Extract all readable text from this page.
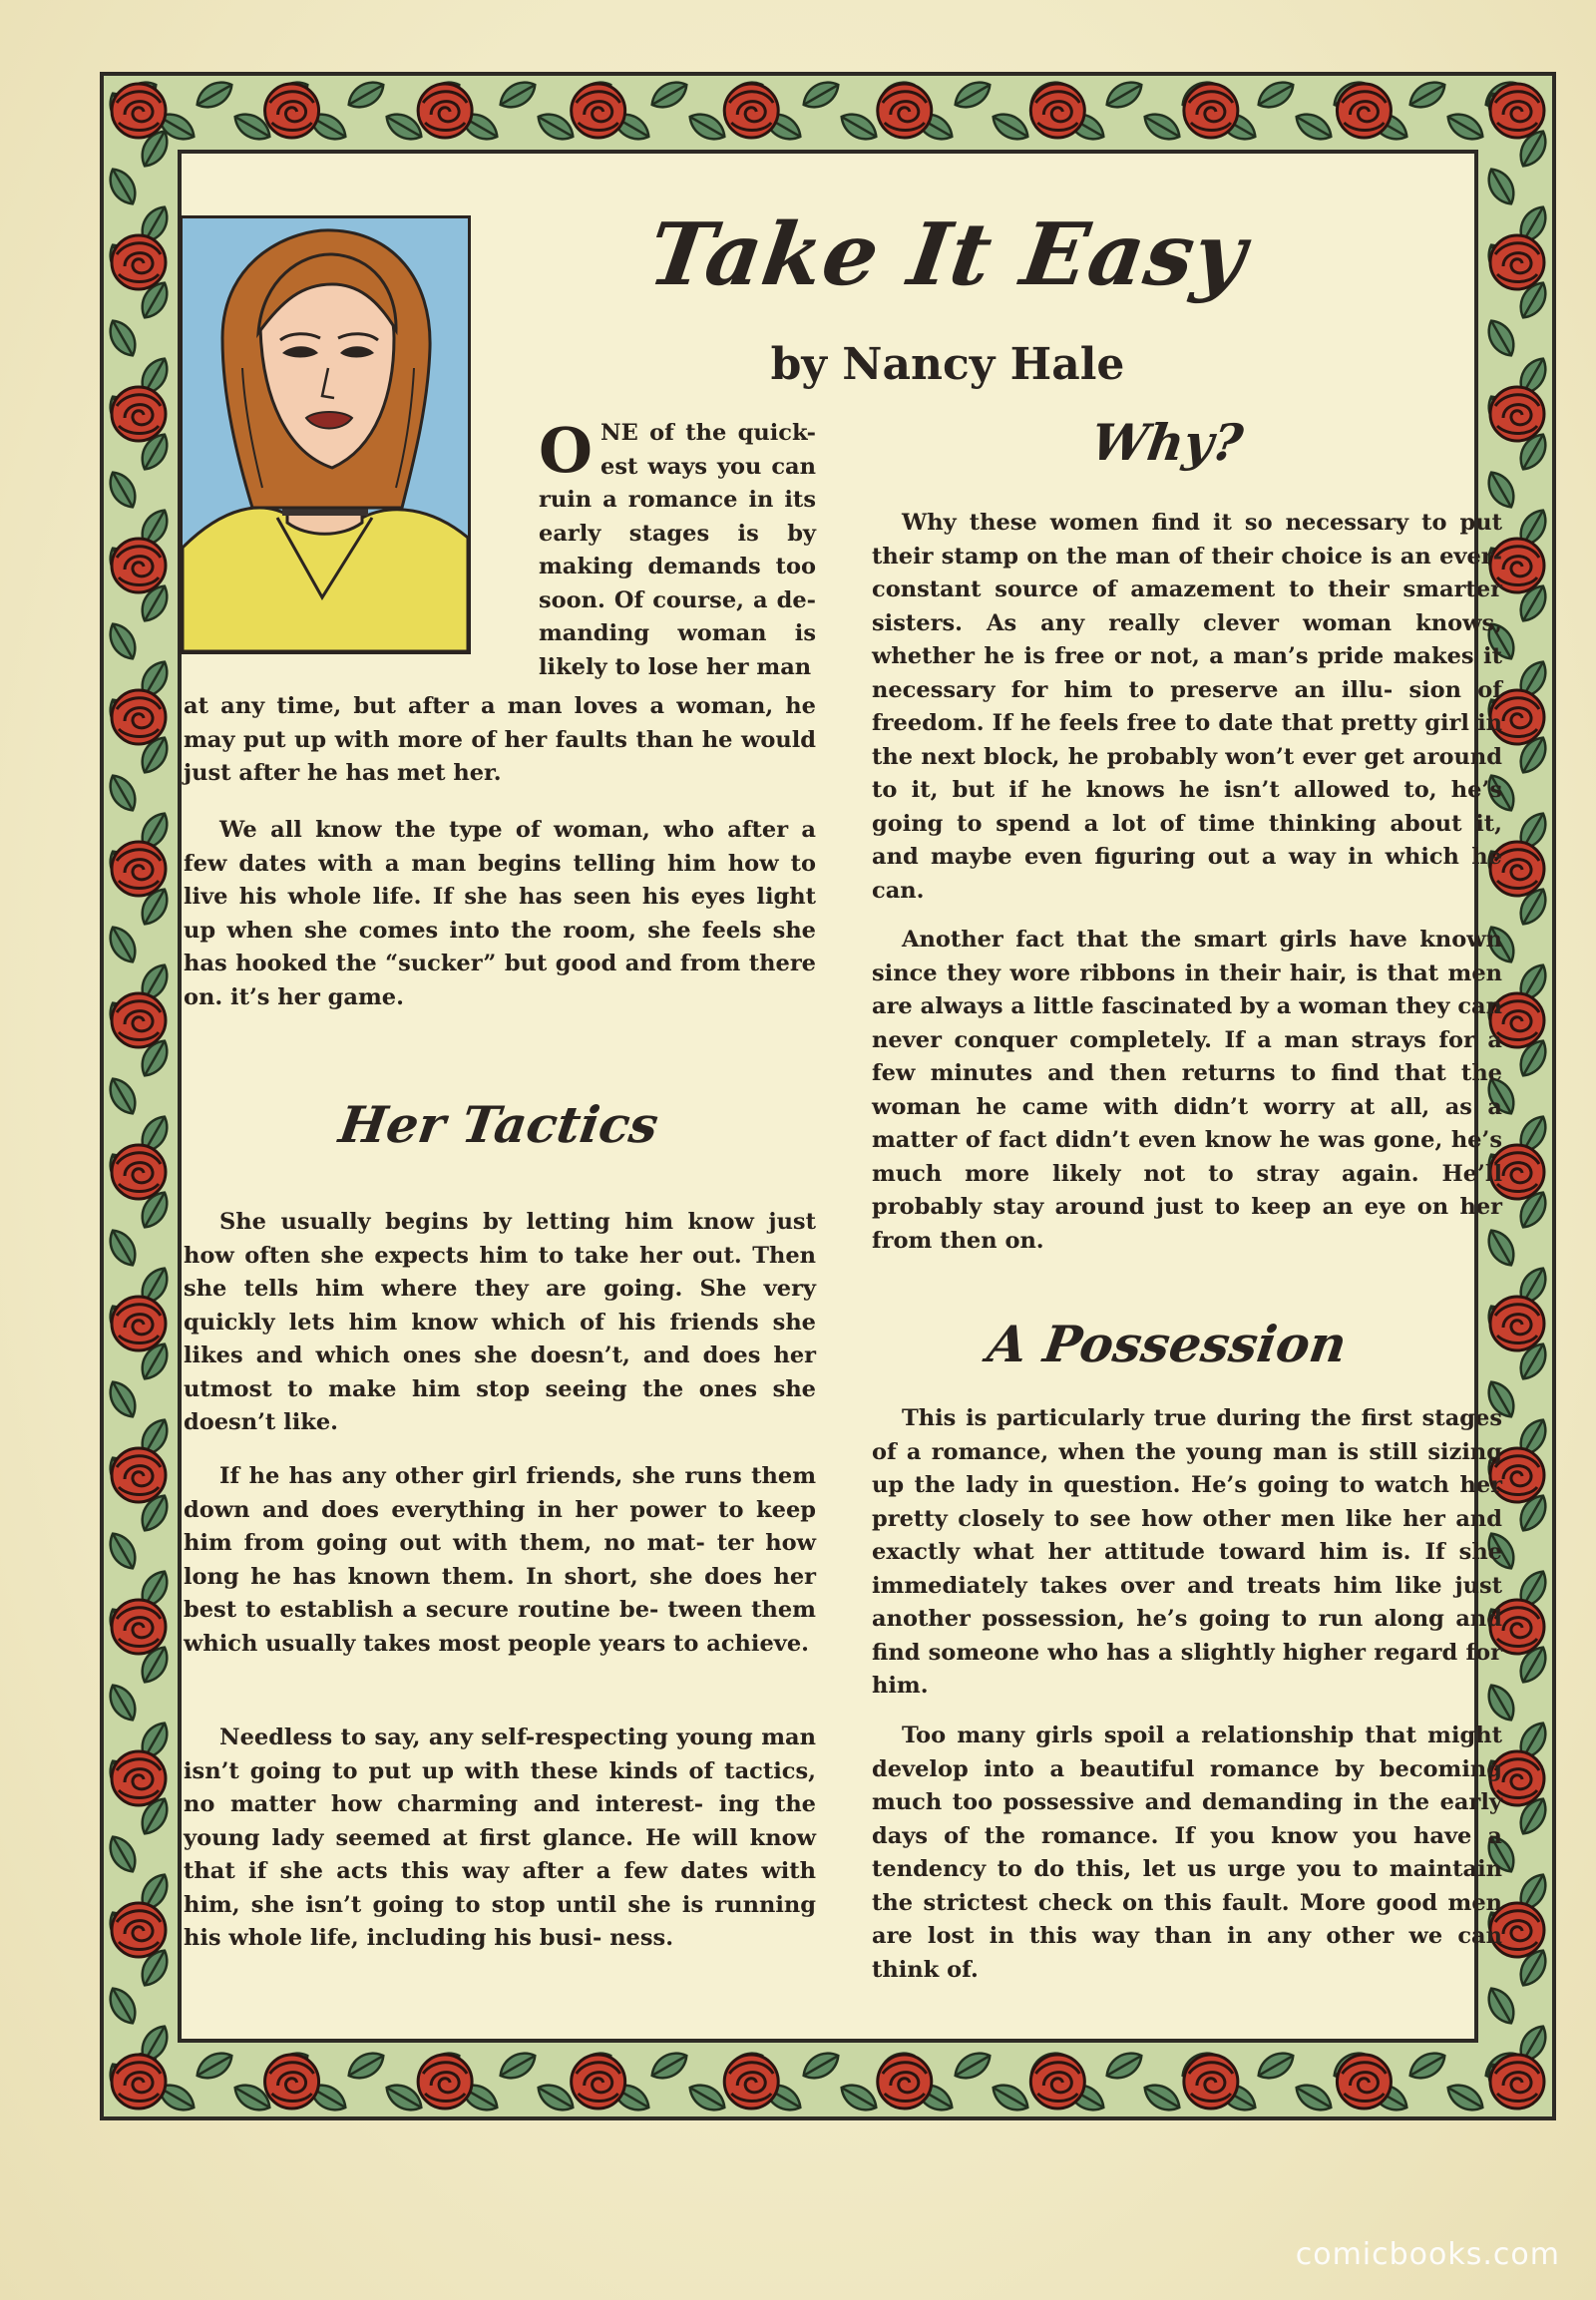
Take It Easy
by Nancy Hale

ONE of the quick- est ways you can ruin a romance in its early stages is by making demands too soon. Of course, a de- manding woman is likely to lose her man

at any time, but after a man loves a woman, he may put up with more of her faults than he would just after he has met her.

We all know the type of woman, who after a few dates with a man begins telling him how to live his whole life. If she has seen his eyes light up when she comes into the room, she feels she has hooked the “sucker” but good and from there on. it’s her game.

Her Tactics

She usually begins by letting him know just how often she expects him to take her out. Then she tells him where they are going. She very quickly lets him know which of his friends she likes and which ones she doesn’t, and does her utmost to make him stop seeing the ones she doesn’t like.

If he has any other girl friends, she runs them down and does everything in her power to keep him from going out with them, no mat- ter how long he has known them. In short, she does her best to establish a secure routine be- tween them which usually takes most people years to achieve.

Needless to say, any self-respecting young man isn’t going to put up with these kinds of tactics, no matter how charming and interest- ing the young lady seemed at first glance. He will know that if she acts this way after a few dates with him, she isn’t going to stop until she is running his whole life, including his busi- ness.

Why?

Why these women find it so necessary to put their stamp on the man of their choice is an ever-constant source of amazement to their smarter sisters. As any really clever woman knows, whether he is free or not, a man’s pride makes it necessary for him to preserve an illu- sion of freedom. If he feels free to date that pretty girl in the next block, he probably won’t ever get around to it, but if he knows he isn’t allowed to, he’s going to spend a lot of time thinking about it, and maybe even figuring out a way in which he can.

Another fact that the smart girls have known since they wore ribbons in their hair, is that men are always a little fascinated by a woman they can never conquer completely. If a man strays for a few minutes and then returns to find that the woman he came with didn’t worry at all, as a matter of fact didn’t even know he was gone, he’s much more likely not to stray again. He’ll probably stay around just to keep an eye on her from then on.

A Possession

This is particularly true during the first stages of a romance, when the young man is still sizing up the lady in question. He’s going to watch her pretty closely to see how other men like her and exactly what her attitude toward him is. If she immediately takes over and treats him like just another possession, he’s going to run along and find someone who has a slightly higher regard for him.

Too many girls spoil a relationship that might develop into a beautiful romance by becoming much too possessive and demanding in the early days of the romance. If you know you have a tendency to do this, let us urge you to maintain the strictest check on this fault. More good men are lost in this way than in any other we can think of.

comicbooks.com
